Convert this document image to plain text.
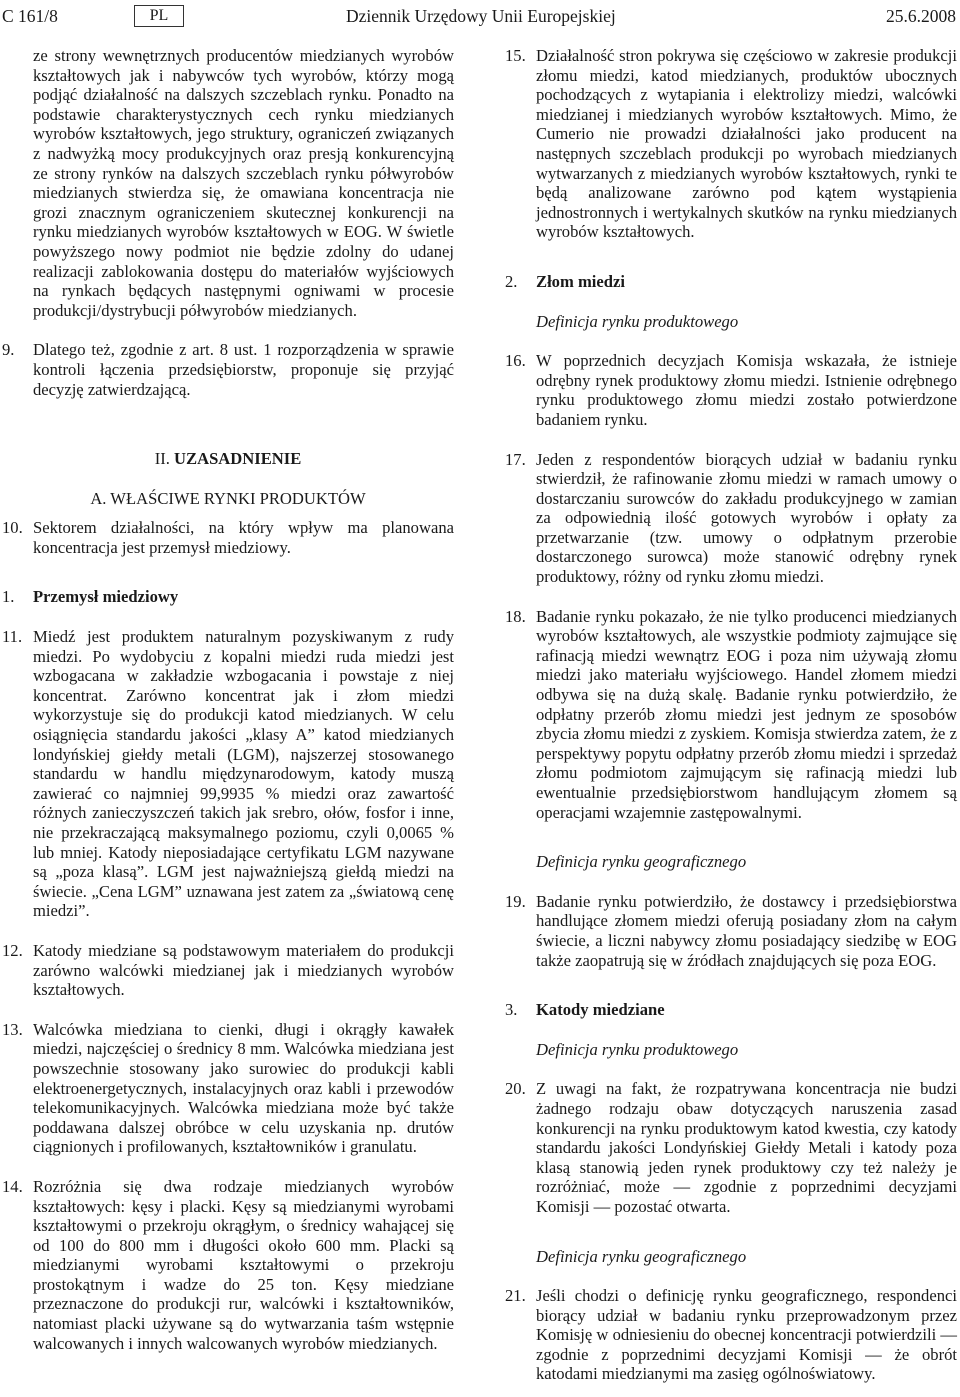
C 161/8	PL	Dziennik Urzędowy Unii Europejskiej	25.6.2008

ze strony wewnętrznych producentów miedzianych wyrobów kształtowych jak i nabywców tych wyrobów, którzy mogą podjąć działalność na dalszych szczeblach rynku. Ponadto na podstawie charakterystycznych cech rynku miedzianych wyrobów kształtowych, jego struktury, ograniczeń związanych z nadwyżką mocy produkcyjnych oraz presją konkurencyjną ze strony rynków na dalszych szczeblach rynku półwyrobów miedzianych stwierdza się, że omawiana koncentracja nie grozi znacznym ograniczeniem skutecznej konkurencji na rynku miedzianych wyrobów kształtowych w EOG. W świetle powyższego nowy podmiot nie będzie zdolny do udanej realizacji zablokowania dostępu do materiałów wyjściowych na rynkach będących następnymi ogniwami w procesie produkcji/dystrybucji półwyrobów miedzianych.

9. Dlatego też, zgodnie z art. 8 ust. 1 rozporządzenia w sprawie kontroli łączenia przedsiębiorstw, proponuje się przyjąć decyzję zatwierdzającą.

II. UZASADNIENIE

A. WŁAŚCIWE RYNKI PRODUKTÓW

10. Sektorem działalności, na który wpływ ma planowana koncentracja jest przemysł miedziowy.

1. Przemysł miedziowy

11. Miedź jest produktem naturalnym pozyskiwanym z rudy miedzi. Po wydobyciu z kopalni miedzi ruda miedzi jest wzbogacana w zakładzie wzbogacania i powstaje z niej koncentrat. Zarówno koncentrat jak i złom miedzi wykorzystuje się do produkcji katod miedzianych. W celu osiągnięcia standardu jakości „klasy A” katod miedzianych londyńskiej giełdy metali (LGM), najszerzej stosowanego standardu w handlu międzynarodowym, katody muszą zawierać co najmniej 99,9935 % miedzi oraz zawartość różnych zanieczyszczeń takich jak srebro, ołów, fosfor i inne, nie przekraczającą maksymalnego poziomu, czyli 0,0065 % lub mniej. Katody nieposiadające certyfikatu LGM nazywane są „poza klasą”. LGM jest najważniejszą giełdą miedzi na świecie. „Cena LGM” uznawana jest zatem za „światową cenę miedzi”.

12. Katody miedziane są podstawowym materiałem do produkcji zarówno walcówki miedzianej jak i miedzianych wyrobów kształtowych.

13. Walcówka miedziana to cienki, długi i okrągły kawałek miedzi, najczęściej o średnicy 8 mm. Walcówka miedziana jest powszechnie stosowany jako surowiec do produkcji kabli elektroenergetycznych, instalacyjnych oraz kabli i przewodów telekomunikacyjnych. Walcówka miedziana może być także poddawana dalszej obróbce w celu uzyskania np. drutów ciągnionych i profilowanych, kształtowników i granulatu.

14. Rozróżnia się dwa rodzaje miedzianych wyrobów kształtowych: kęsy i placki. Kęsy są miedzianymi wyrobami kształtowymi o przekroju okrągłym, o średnicy wahającej się od 100 do 800 mm i długości około 600 mm. Placki są miedzianymi wyrobami kształtowymi o przekroju prostokątnym i wadze do 25 ton. Kęsy miedziane przeznaczone do produkcji rur, walcówki i kształtowników, natomiast placki używane są do wytwarzania taśm wstępnie walcowanych i innych walcowanych wyrobów miedzianych.

15. Działalność stron pokrywa się częściowo w zakresie produkcji złomu miedzi, katod miedzianych, produktów ubocznych pochodzących z wytapiania i elektrolizy miedzi, walcówki miedzianej i miedzianych wyrobów kształtowych. Mimo, że Cumerio nie prowadzi działalności jako producent na następnych szczeblach produkcji po wyrobach miedzianych wytwarzanych z miedzianych wyrobów kształtowych, rynki te będą analizowane zarówno pod kątem wystąpienia jednostronnych i wertykalnych skutków na rynku miedzianych wyrobów kształtowych.

2. Złom miedzi

Definicja rynku produktowego

16. W poprzednich decyzjach Komisja wskazała, że istnieje odrębny rynek produktowy złomu miedzi. Istnienie odrębnego rynku produktowego złomu miedzi zostało potwierdzone badaniem rynku.

17. Jeden z respondentów biorących udział w badaniu rynku stwierdził, że rafinowanie złomu miedzi w ramach umowy o dostarczaniu surowców do zakładu produkcyjnego w zamian za odpowiednią ilość gotowych wyrobów i opłaty za przetwarzanie (tzw. umowy o odpłatnym przerobie dostarczonego surowca) może stanowić odrębny rynek produktowy, różny od rynku złomu miedzi.

18. Badanie rynku pokazało, że nie tylko producenci miedzianych wyrobów kształtowych, ale wszystkie podmioty zajmujące się rafinacją miedzi wewnątrz EOG i poza nim używają złomu miedzi jako materiału wyjściowego. Handel złomem miedzi odbywa się na dużą skalę. Badanie rynku potwierdziło, że odpłatny przerób złomu miedzi jest jednym ze sposobów zbycia złomu miedzi z zyskiem. Komisja stwierdza zatem, że z perspektywy popytu odpłatny przerób złomu miedzi i sprzedaż złomu podmiotom zajmującym się rafinacją miedzi lub ewentualnie przedsiębiorstwom handlującym złomem są operacjami wzajemnie zastępowalnymi.

Definicja rynku geograficznego

19. Badanie rynku potwierdziło, że dostawcy i przedsiębiorstwa handlujące złomem miedzi oferują posiadany złom na całym świecie, a liczni nabywcy złomu posiadający siedzibę w EOG także zaopatrują się w źródłach znajdujących się poza EOG.

3. Katody miedziane

Definicja rynku produktowego

20. Z uwagi na fakt, że rozpatrywana koncentracja nie budzi żadnego rodzaju obaw dotyczących naruszenia zasad konkurencji na rynku produktowym katod kwestia, czy katody standardu jakości Londyńskiej Giełdy Metali i katody poza klasą stanowią jeden rynek produktowy czy też należy je rozróżniać, może — zgodnie z poprzednimi decyzjami Komisji — pozostać otwarta.

Definicja rynku geograficznego

21. Jeśli chodzi o definicję rynku geograficznego, respondenci biorący udział w badaniu rynku przeprowadzonym przez Komisję w odniesieniu do obecnej koncentracji potwierdzili — zgodnie z poprzednimi decyzjami Komisji — że obrót katodami miedzianymi ma zasięg ogólnoświatowy.
